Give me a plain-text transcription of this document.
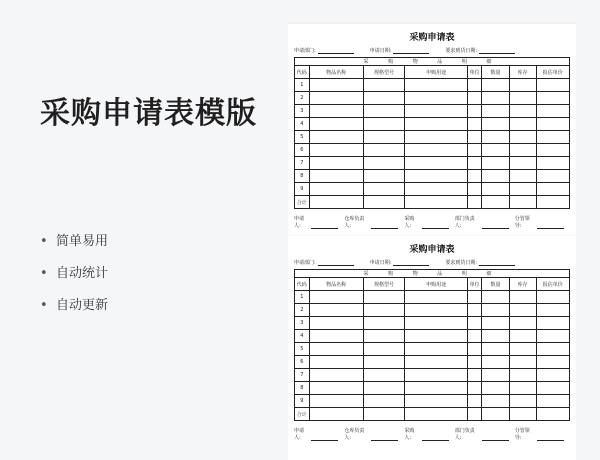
采购申请表模版
• 简单易用
• 自动统计
• 自动更新
采购申请表
申请部门:	申请日期:	要求到货日期:
采 购 物 品 明 细							
代码	物品名称	规格型号	申购用途	单位	数量	库存	报估单价
1							
2							
3							
4							
5							
6							
7							
8							
9							
合计							
申请人:
仓库负责人:
采购人:
部门负责人:
分管领导:
采购申请表
申请部门:	申请日期:	要求到货日期:
采 购 物 品 明 细							
代码	物品名称	规格型号	申购用途	单位	数量	库存	报估单价
1							
2							
3							
4							
5							
6							
7							
8							
9							
合计							
申请人:
仓库负责人:
采购人:
部门负责人:
分管领导:
